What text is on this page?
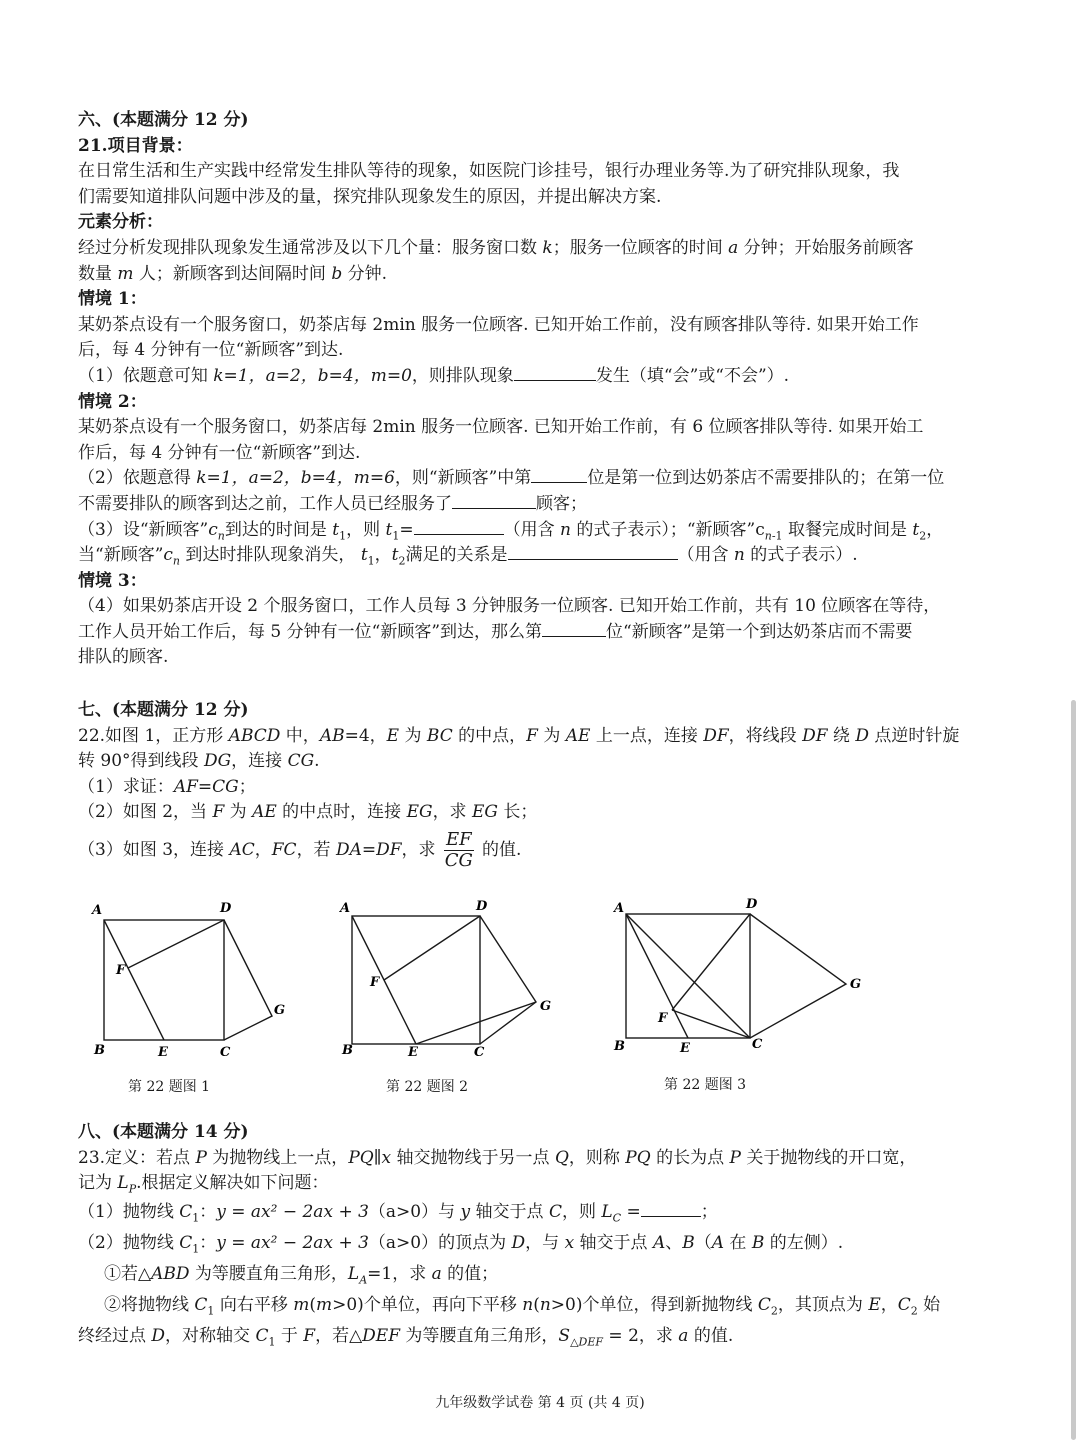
六、(本题满分 12 分)
21.项目背景：
在日常生活和生产实践中经常发生排队等待的现象，如医院门诊挂号，银行办理业务等.为了研究排队现象，我
们需要知道排队问题中涉及的量，探究排队现象发生的原因，并提出解决方案.
元素分析：
经过分析发现排队现象发生通常涉及以下几个量：服务窗口数 k；服务一位顾客的时间 a 分钟；开始服务前顾客
数量 m 人；新顾客到达间隔时间 b 分钟.
情境 1：
某奶茶点设有一个服务窗口，奶茶店每 2min 服务一位顾客. 已知开始工作前，没有顾客排队等待. 如果开始工作
后，每 4 分钟有一位“新顾客”到达.
（1）依题意可知 k=1，a=2，b=4，m=0，则排队现象	发生（填“会”或“不会”）.
情境 2：
某奶茶点设有一个服务窗口，奶茶店每 2min 服务一位顾客. 已知开始工作前，有 6 位顾客排队等待. 如果开始工
作后，每 4 分钟有一位“新顾客”到达.
（2）依题意得 k=1，a=2，b=4，m=6，则“新顾客”中第	位是第一位到达奶茶店不需要排队的；在第一位
不需要排队的顾客到达之前，工作人员已经服务了	顾客；
（3）设“新顾客$”c_n$到达的时间是 $t_1$，则 $t_1=$	（用含 n 的式子表示）；“新顾客$”c_{n-1}$ 取餐完成时间是 $t_2$，
当“新顾客$”c_n$ 到达时排队现象消失， $t_1$，$t_2$满足的关系是	（用含 n 的式子表示）.
情境 3：
（4）如果奶茶店开设 2 个服务窗口，工作人员每 3 分钟服务一位顾客. 已知开始工作前，共有 10 位顾客在等待，
工作人员开始工作后，每 5 分钟有一位“新顾客”到达，那么第	位“新顾客”是第一个到达奶茶店而不需要
排队的顾客.
七、(本题满分 12 分)
22.如图 1，正方形 ABCD 中，AB=4，E 为 BC 的中点，F 为 AE 上一点，连接 DF，将线段 DF 绕 D 点逆时针旋
转 90°得到线段 DG，连接 CG.
（1）求证：AF=CG；
（2）如图 2，当 F 为 AE 的中点时，连接 EG，求 EG 长；
（3）如图 3，连接 AC，FC，若 DA=DF，求 $\frac{EF}{CG}$ 的值.
A	D
B	E	C
F
G
第 22 题图 1
A	D
B	E	C
F
G
第 22 题图 2
A	D
B	E	C
F
G
第 22 题图 3
八、(本题满分 14 分)
23.定义：若点 P 为抛物线上一点，PQ∥x 轴交抛物线于另一点 Q，则称 PQ 的长为点 P 关于抛物线的开口宽，
记为 $L_P$.根据定义解决如下问题：
（1）抛物线 $C_1$：y = ax² − 2ax + 3（a>0）与 y 轴交于点 C，则 $L_C$ =	；
（2）抛物线 $C_1$：y = ax² − 2ax + 3（a>0）的顶点为 D，与 x 轴交于点 A、B（A 在 B 的左侧）.
①若△ABD 为等腰直角三角形，$L_A=1$，求 a 的值；
②将抛物线 $C_1$ 向右平移 m(m>0)个单位，再向下平移 n(n>0)个单位，得到新抛物线 $C_2$，其顶点为 E，$C_2$ 始
终经过点 D，对称轴交 $C_1$ 于 F，若△DEF 为等腰直角三角形，$S_{\triangle DEF} = 2$，求 a 的值.
九年级数学试卷 第 4 页 (共 4 页)
